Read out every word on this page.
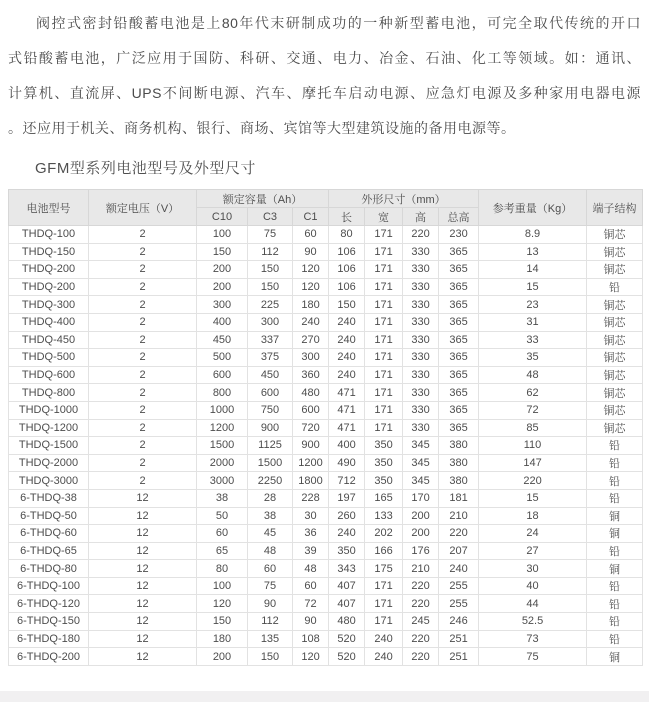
阀控式密封铅酸蓄电池是上80年代末研制成功的一种新型蓄电池，可完全取代传统的开口
式铅酸蓄电池，广泛应用于国防、科研、交通、电力、冶金、石油、化工等领域。如：通讯、
计算机、直流屏、UPS不间断电源、汽车、摩托车启动电源、应急灯电源及多种家用电器电源
。还应用于机关、商务机构、银行、商场、宾馆等大型建筑设施的备用电源等。
GFM型系列电池型号及外型尺寸
电池型号	额定电压（V）	额定容量（Ah）			外形尺寸（mm）				参考重量（Kg）	端子结构
		C10	C3	C1	长	宽	高	总高		
THDQ-100	2	100	75	60	80	171	220	230	8.9	铜芯
THDQ-150	2	150	112	90	106	171	330	365	13	铜芯
THDQ-200	2	200	150	120	106	171	330	365	14	铜芯
THDQ-200	2	200	150	120	106	171	330	365	15	铅
THDQ-300	2	300	225	180	150	171	330	365	23	铜芯
THDQ-400	2	400	300	240	240	171	330	365	31	铜芯
THDQ-450	2	450	337	270	240	171	330	365	33	铜芯
THDQ-500	2	500	375	300	240	171	330	365	35	铜芯
THDQ-600	2	600	450	360	240	171	330	365	48	铜芯
THDQ-800	2	800	600	480	471	171	330	365	62	铜芯
THDQ-1000	2	1000	750	600	471	171	330	365	72	铜芯
THDQ-1200	2	1200	900	720	471	171	330	365	85	铜芯
THDQ-1500	2	1500	1125	900	400	350	345	380	110	铅
THDQ-2000	2	2000	1500	1200	490	350	345	380	147	铅
THDQ-3000	2	3000	2250	1800	712	350	345	380	220	铅
6-THDQ-38	12	38	28	228	197	165	170	181	15	铅
6-THDQ-50	12	50	38	30	260	133	200	210	18	铜
6-THDQ-60	12	60	45	36	240	202	200	220	24	铜
6-THDQ-65	12	65	48	39	350	166	176	207	27	铅
6-THDQ-80	12	80	60	48	343	175	210	240	30	铜
6-THDQ-100	12	100	75	60	407	171	220	255	40	铅
6-THDQ-120	12	120	90	72	407	171	220	255	44	铅
6-THDQ-150	12	150	112	90	480	171	245	246	52.5	铅
6-THDQ-180	12	180	135	108	520	240	220	251	73	铅
6-THDQ-200	12	200	150	120	520	240	220	251	75	铜
